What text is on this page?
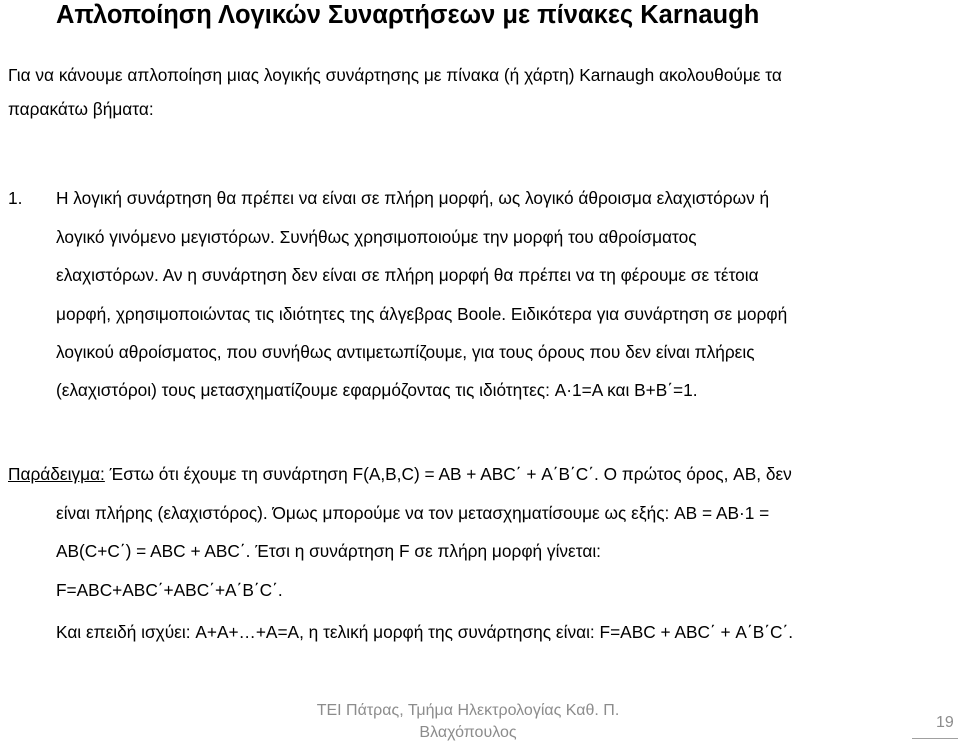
Απλοποίηση Λογικών Συναρτήσεων με πίνακες Karnaugh
Για να κάνουμε απλοποίηση μιας λογικής συνάρτησης με πίνακα (ή χάρτη) Karnaugh ακολουθούμε τα
παρακάτω βήματα:
1. Η λογική συνάρτηση θα πρέπει να είναι σε πλήρη μορφή, ως λογικό άθροισμα ελαχιστόρων ή
λογικό γινόμενο μεγιστόρων. Συνήθως χρησιμοποιούμε την μορφή του αθροίσματος
ελαχιστόρων. Αν η συνάρτηση δεν είναι σε πλήρη μορφή θα πρέπει να τη φέρουμε σε τέτοια
μορφή, χρησιμοποιώντας τις ιδιότητες της άλγεβρας Boole. Ειδικότερα για συνάρτηση σε μορφή
λογικού αθροίσματος, που συνήθως αντιμετωπίζουμε, για τους όρους που δεν είναι πλήρεις
(ελαχιστόροι) τους μετασχηματίζουμε εφαρμόζοντας τις ιδιότητες: A·1=A και B+B΄=1.
Παράδειγμα: Έστω ότι έχουμε τη συνάρτηση F(A,B,C) = AB + ABC΄ + A΄B΄C΄. Ο πρώτος όρος, AB, δεν
είναι πλήρης (ελαχιστόρος). Όμως μπορούμε να τον μετασχηματίσουμε ως εξής: AB = AB·1 =
AB(C+C΄) = ABC + ABC΄. Έτσι η συνάρτηση F σε πλήρη μορφή γίνεται:
F=ABC+ABC΄+ABC΄+A΄B΄C΄.
Και επειδή ισχύει: A+A+…+A=A, η τελική μορφή της συνάρτησης είναι: F=ABC + ABC΄ + A΄B΄C΄.
ΤΕΙ Πάτρας, Τμήμα Ηλεκτρολογίας Καθ. Π.
Βλαχόπουλος
19
